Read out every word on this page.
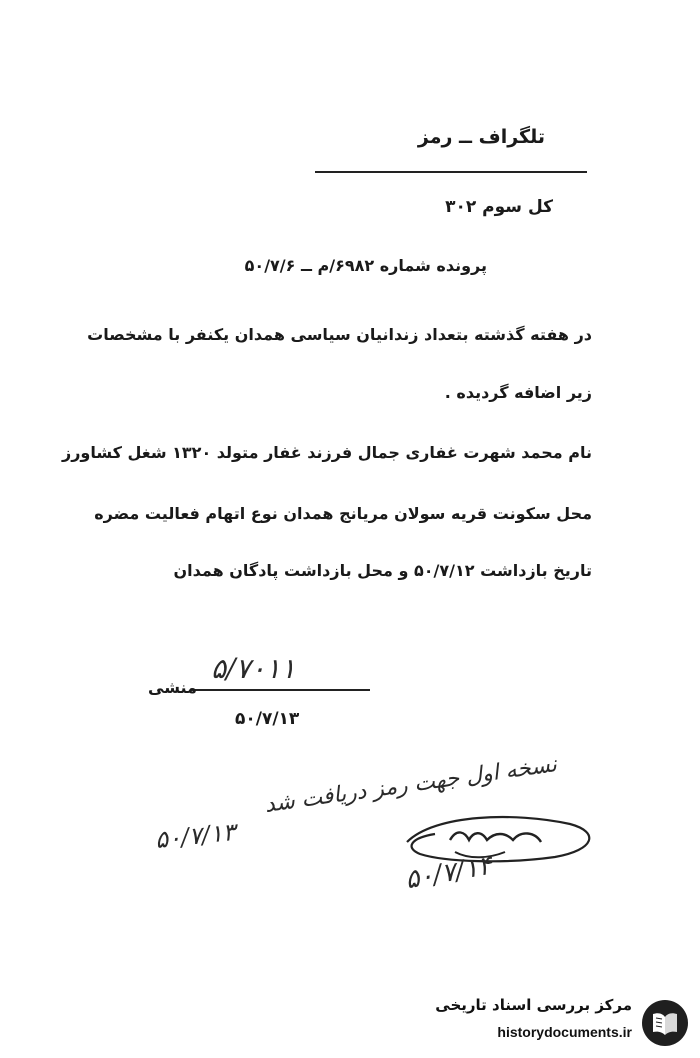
تلگراف ــ رمز
کل سوم ۳۰۲
پرونده شماره ۶۹۸۲/م ــ ۵۰/۷/۶
در هفته گذشته بتعداد زندانیان سیاسی همدان یکنفر با مشخصات
زیر اضافه گردیده .
نام محمد شهرت غفاری جمال فرزند غفار متولد ۱۳۲۰ شغل کشاورز
محل سکونت قریه سولان مریانج همدان نوع اتهام فعالیت مضره
تاریخ بازداشت ۵۰/۷/۱۲ و محل بازداشت پادگان همدان
۵/۷۰۱۱
منشی
۵۰/۷/۱۳
نسخه اول جهت رمز دریافت شد
۵۰/۷/۱۳
۵۰/۷/۱۴
مرکز بررسی اسناد تاریخی
historydocuments.ir
